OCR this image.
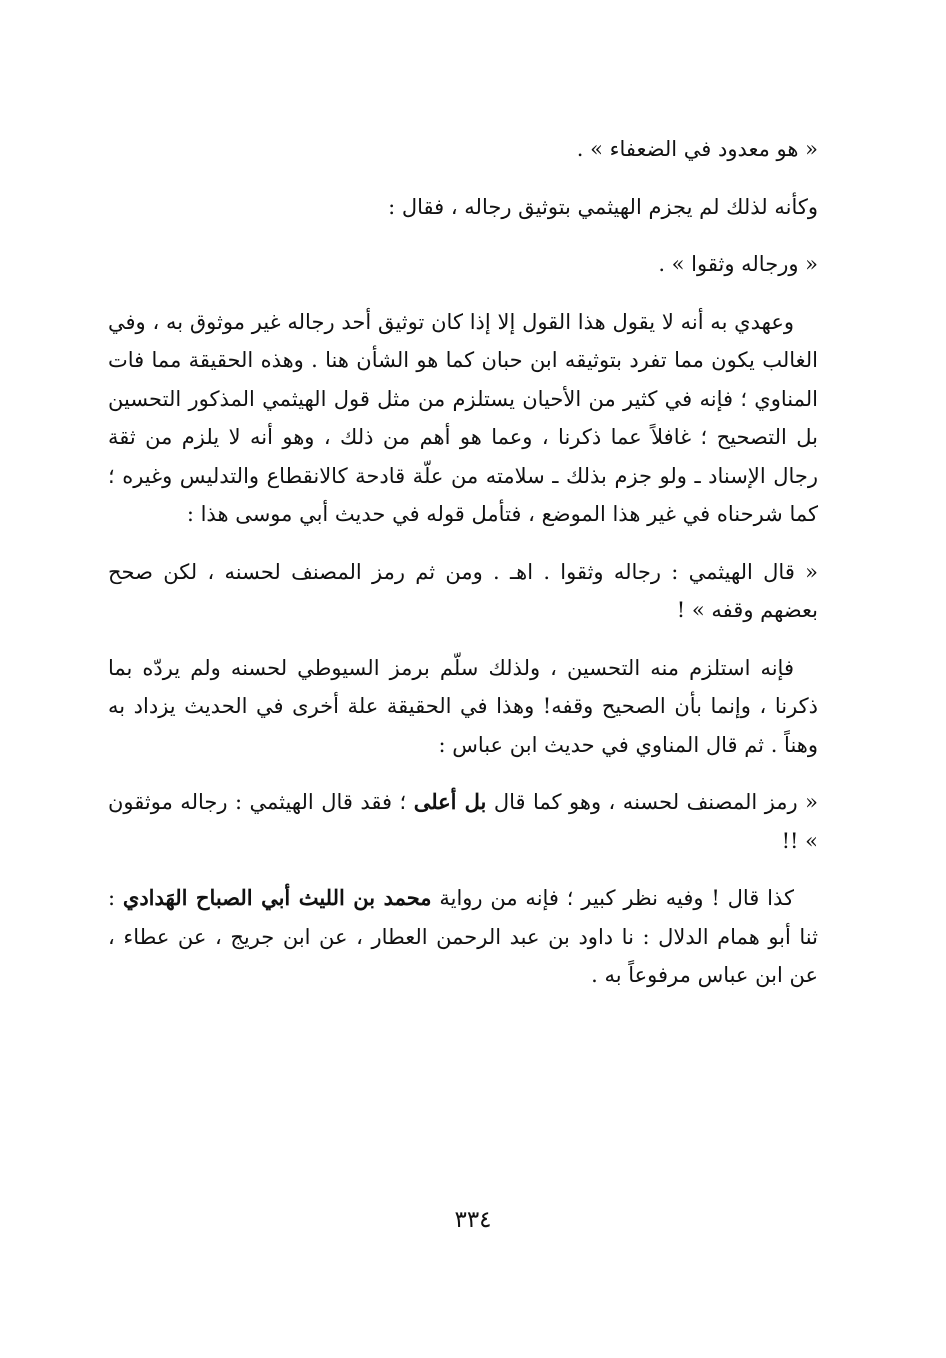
« هو معدود في الضعفاء » .

وكأنه لذلك لم يجزم الهيثمي بتوثيق رجاله ، فقال :

« ورجاله وثقوا » .

وعهدي به أنه لا يقول هذا القول إلا إذا كان توثيق أحد رجاله غير موثوق به ، وفي الغالب يكون مما تفرد بتوثيقه ابن حبان كما هو الشأن هنا . وهذه الحقيقة مما فات المناوي ؛ فإنه في كثير من الأحيان يستلزم من مثل قول الهيثمي المذكور التحسين بل التصحيح ؛ غافلاً عما ذكرنا ، وعما هو أهم من ذلك ، وهو أنه لا يلزم من ثقة رجال الإسناد ـ ولو جزم بذلك ـ سلامته من علّة قادحة كالانقطاع والتدليس وغيره ؛ كما شرحناه في غير هذا الموضع ، فتأمل قوله في حديث أبي موسى هذا :

« قال الهيثمي : رجاله وثقوا . اهـ . ومن ثم رمز المصنف لحسنه ، لكن صحح بعضهم وقفه » !

فإنه استلزم منه التحسين ، ولذلك سلّم برمز السيوطي لحسنه ولم يردّه بما ذكرنا ، وإنما بأن الصحيح وقفه! وهذا في الحقيقة علة أخرى في الحديث يزداد به وهناً . ثم قال المناوي في حديث ابن عباس :

« رمز المصنف لحسنه ، وهو كما قال بل أعلى ؛ فقد قال الهيثمي : رجاله موثقون » !!

كذا قال ! وفيه نظر كبير ؛ فإنه من رواية محمد بن الليث أبي الصباح الهَدادي : ثنا أبو همام الدلال : نا داود بن عبد الرحمن العطار ، عن ابن جريج ، عن عطاء ، عن ابن عباس مرفوعاً به .

٣٣٤
